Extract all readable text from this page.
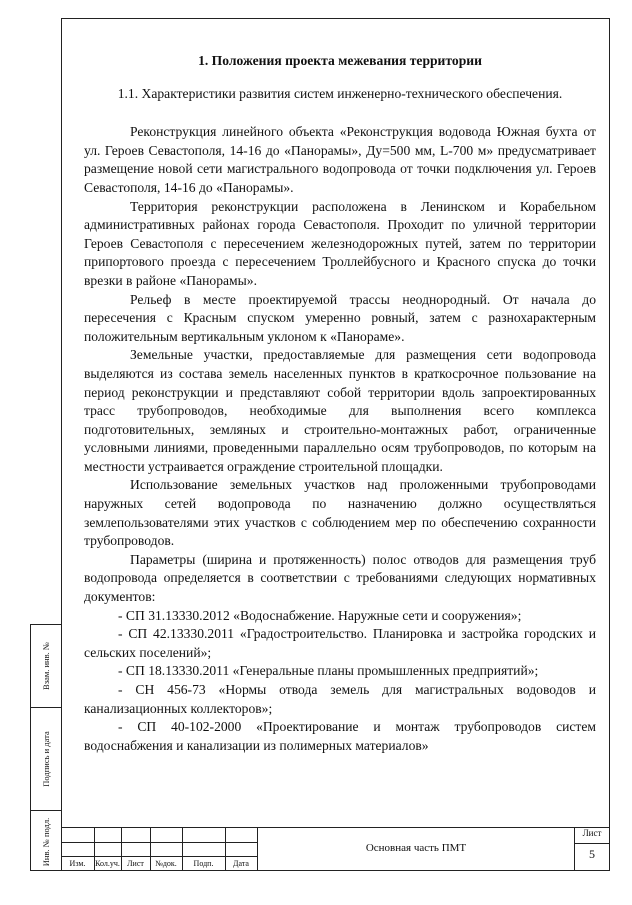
Взам. инв. №
Подпись и дата
Инв. № подл.

1. Положения проекта межевания территории

1.1. Характеристики развития систем инженерно-технического обеспечения.

Реконструкция линейного объекта «Реконструкция водовода Южная бухта от ул. Героев Севастополя, 14-16 до «Панорамы», Ду=500 мм, L-700 м» предусматривает размещение новой сети магистрального водопровода от точки подключения ул. Героев Севастополя, 14-16 до «Панорамы».

Территория реконструкции расположена в Ленинском и Корабельном административных районах города Севастополя. Проходит по уличной территории Героев Севастополя с пересечением железнодорожных путей, затем по территории припортового проезда с пересечением Троллейбусного и Красного спуска до точки врезки в районе «Панорамы».

Рельеф в месте проектируемой трассы неоднородный. От начала до пересечения с Красным спуском умеренно ровный, затем с разнохарактерным положительным вертикальным уклоном к «Панораме».

Земельные участки, предоставляемые для размещения сети водопровода выделяются из состава земель населенных пунктов в краткосрочное пользование на период реконструкции и представляют собой территории вдоль запроектированных трасс трубопроводов, необходимые для выполнения всего комплекса подготовительных, земляных и строительно-монтажных работ, ограниченные условными линиями, проведенными параллельно осям трубопроводов, по которым на местности устраивается ограждение строительной площадки.

Использование земельных участков над проложенными трубопроводами наружных сетей водопровода по назначению должно осуществляться землепользователями этих участков с соблюдением мер по обеспечению сохранности трубопроводов.

Параметры (ширина и протяженность) полос отводов для размещения труб водопровода определяется в соответствии с требованиями следующих нормативных документов:

- СП 31.13330.2012 «Водоснабжение. Наружные сети и сооружения»;

- СП 42.13330.2011 «Градостроительство. Планировка и застройка городских и сельских поселений»;

- СП 18.13330.2011 «Генеральные планы промышленных предприятий»;

- СН 456-73 «Нормы отвода земель для магистральных водоводов и канализационных коллекторов»;

- СП 40-102-2000 «Проектирование и монтаж трубопроводов систем водоснабжения и канализации из полимерных материалов»

Изм.	Кол.уч. Лист	№док.	Подп.	Дата
Основная часть ПМТ
Лист
5
